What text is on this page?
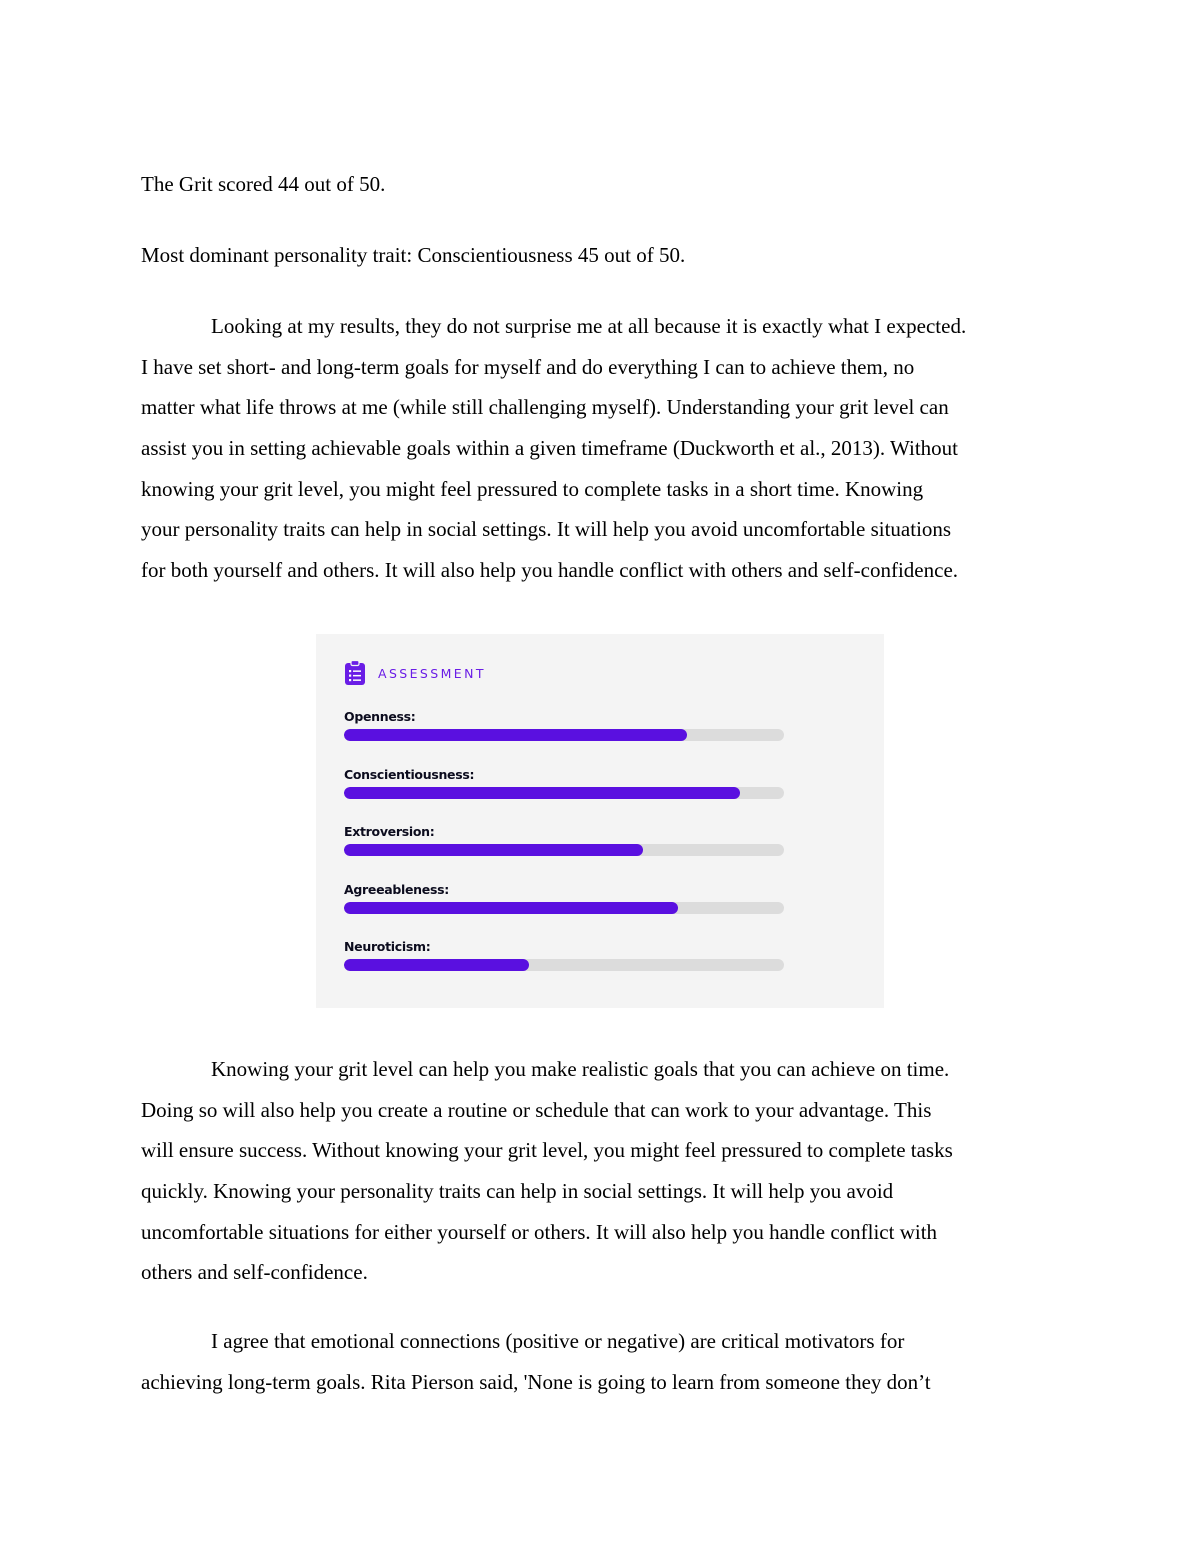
The Grit scored 44 out of 50.
Most dominant personality trait: Conscientiousness 45 out of 50.
Looking at my results, they do not surprise me at all because it is exactly what I expected.
I have set short- and long-term goals for myself and do everything I can to achieve them, no
matter what life throws at me (while still challenging myself). Understanding your grit level can
assist you in setting achievable goals within a given timeframe (Duckworth et al., 2013). Without
knowing your grit level, you might feel pressured to complete tasks in a short time. Knowing
your personality traits can help in social settings. It will help you avoid uncomfortable situations
for both yourself and others. It will also help you handle conflict with others and self-confidence.
ASSESSMENT
Openness:
Conscientiousness:
Extroversion:
Agreeableness:
Neuroticism:
Knowing your grit level can help you make realistic goals that you can achieve on time.
Doing so will also help you create a routine or schedule that can work to your advantage. This
will ensure success. Without knowing your grit level, you might feel pressured to complete tasks
quickly. Knowing your personality traits can help in social settings. It will help you avoid
uncomfortable situations for either yourself or others. It will also help you handle conflict with
others and self-confidence.
I agree that emotional connections (positive or negative) are critical motivators for
achieving long-term goals. Rita Pierson said, 'None is going to learn from someone they don’t
